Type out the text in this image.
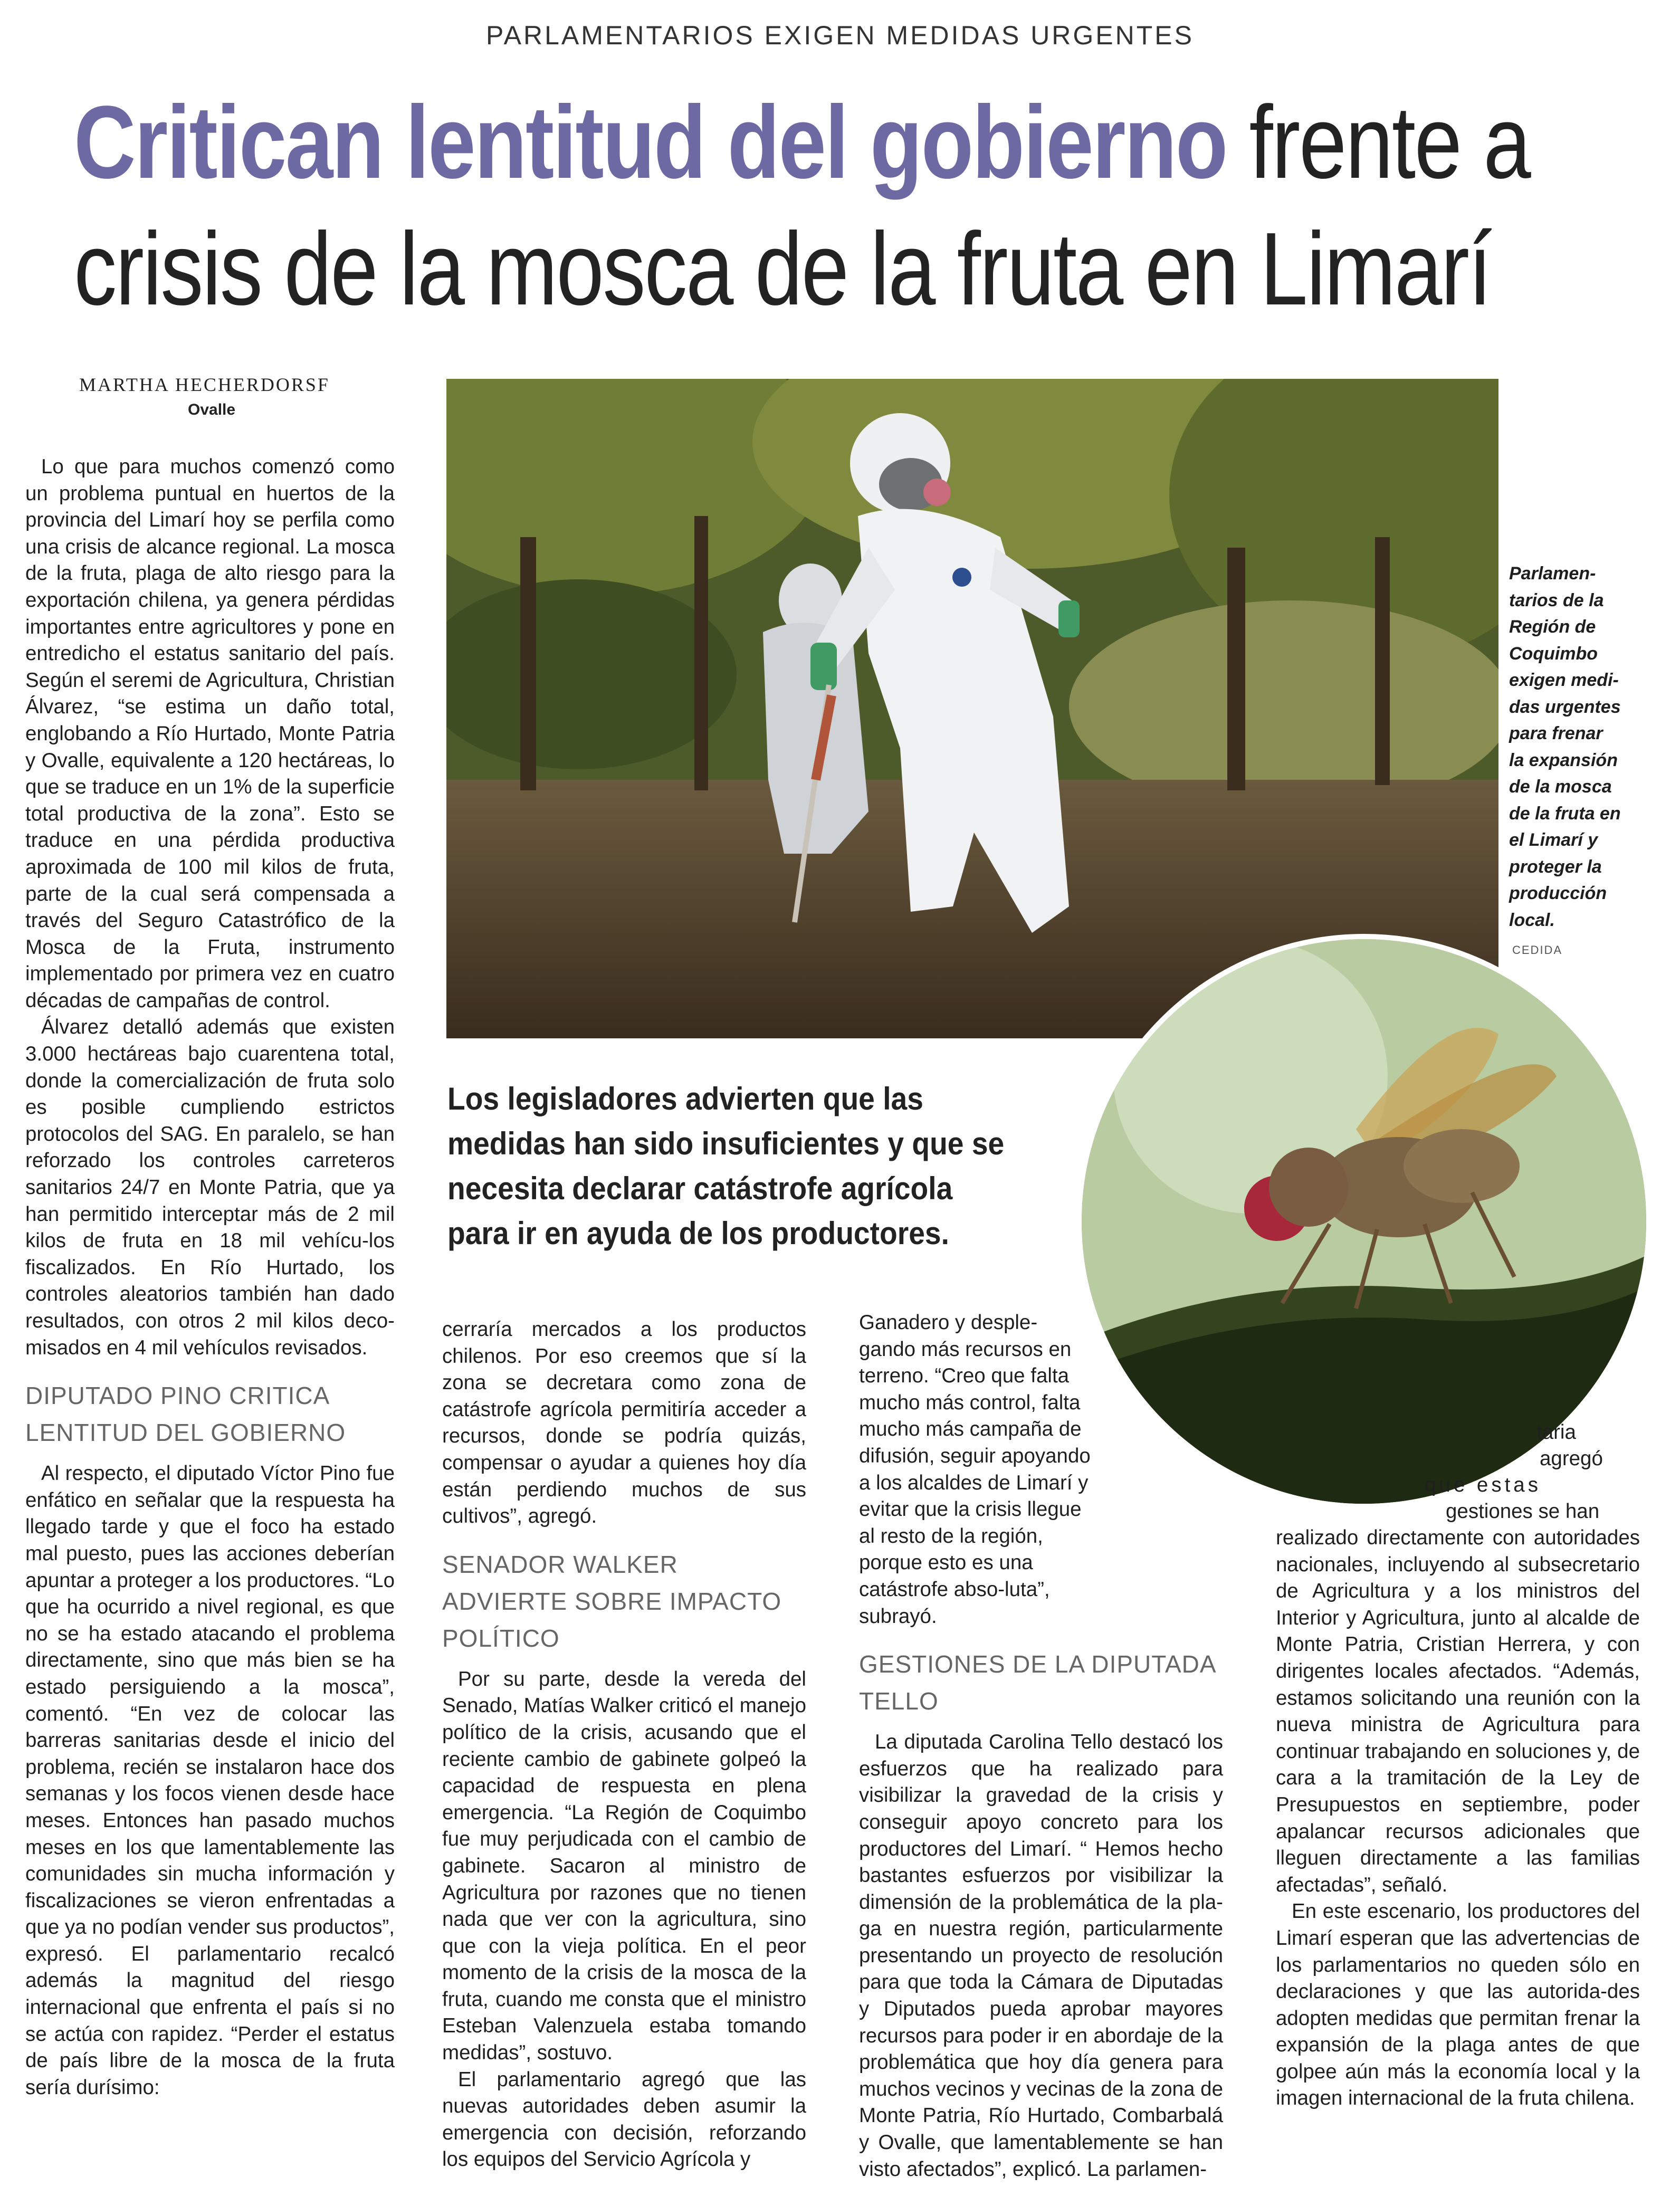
PARLAMENTARIOS EXIGEN MEDIDAS URGENTES
Critican lentitud del gobierno frente a
crisis de la mosca de la fruta en Limarí
MARTHA HECHERDORSF
Ovalle
Parlamen-tarios de la Región de Coquimbo exigen medi-das urgentes para frenar la expansión de la mosca de la fruta en el Limarí y proteger la producción local.
CEDIDA
Los legisladores advierten que las medidas han sido insuficientes y que se necesita declarar catástrofe agrícola para ir en ayuda de los productores.

Lo que para muchos comenzó como un problema puntual en huertos de la provincia del Limarí hoy se perfila como una crisis de alcance regional. La mosca de la fruta, plaga de alto riesgo para la exportación chilena, ya genera pérdidas importantes entre agricultores y pone en entredicho el estatus sanitario del país. Según el seremi de Agricultura, Christian Álvarez, “se estima un daño total, englobando a Río Hurtado, Monte Patria y Ovalle, equivalente a 120 hectáreas, lo que se traduce en un 1% de la superficie total productiva de la zona”. Esto se traduce en una pérdida productiva aproximada de 100 mil kilos de fruta, parte de la cual será compensada a través del Seguro Catastrófico de la Mosca de la Fruta, instrumento implementado por primera vez en cuatro décadas de campañas de control.

Álvarez detalló además que existen 3.000 hectáreas bajo cuarentena total, donde la comercialización de fruta solo es posible cumpliendo estrictos protocolos del SAG. En paralelo, se han reforzado los controles carreteros sanitarios 24/7 en Monte Patria, que ya han permitido interceptar más de 2 mil kilos de fruta en 18 mil vehícu-los fiscalizados. En Río Hurtado, los controles aleatorios también han dado resultados, con otros 2 mil kilos deco-misados en 4 mil vehículos revisados.

DIPUTADO PINO CRITICA LENTITUD DEL GOBIERNO

Al respecto, el diputado Víctor Pino fue enfático en señalar que la respuesta ha llegado tarde y que el foco ha estado mal puesto, pues las acciones deberían apuntar a proteger a los productores. “Lo que ha ocurrido a nivel regional, es que no se ha estado atacando el problema directamente, sino que más bien se ha estado persiguiendo a la mosca”, comentó. “En vez de colocar las barreras sanitarias desde el inicio del problema, recién se instalaron hace dos semanas y los focos vienen desde hace meses. Entonces han pasado muchos meses en los que lamentablemente las comunidades sin mucha información y fiscalizaciones se vieron enfrentadas a que ya no podían vender sus productos”, expresó. El parlamentario recalcó además la magnitud del riesgo internacional que enfrenta el país si no se actúa con rapidez. “Perder el estatus de país libre de la mosca de la fruta sería durísimo:

cerraría mercados a los productos chilenos. Por eso creemos que sí la zona se decretara como zona de catástrofe agrícola permitiría acceder a recursos, donde se podría quizás, compensar o ayudar a quienes hoy día están perdiendo muchos de sus cultivos”, agregó.

SENADOR WALKER ADVIERTE SOBRE IMPACTO POLÍTICO

Por su parte, desde la vereda del Senado, Matías Walker criticó el manejo político de la crisis, acusando que el reciente cambio de gabinete golpeó la capacidad de respuesta en plena emergencia. “La Región de Coquimbo fue muy perjudicada con el cambio de gabinete. Sacaron al ministro de Agricultura por razones que no tienen nada que ver con la agricultura, sino que con la vieja política. En el peor momento de la crisis de la mosca de la fruta, cuando me consta que el ministro Esteban Valenzuela estaba tomando medidas”, sostuvo.

El parlamentario agregó que las nuevas autoridades deben asumir la emergencia con decisión, reforzando los equipos del Servicio Agrícola y

Ganadero y desple-gando más recursos en terreno. “Creo que falta mucho más control, falta mucho más campaña de difusión, seguir apoyando a los alcaldes de Limarí y evitar que la crisis llegue al resto de la región, porque esto es una catástrofe abso-luta”, subrayó.

GESTIONES DE LA DIPUTADA TELLO

La diputada Carolina Tello destacó los esfuerzos que ha realizado para visibilizar la gravedad de la crisis y conseguir apoyo concreto para los productores del Limarí. “ Hemos hecho bastantes esfuerzos por visibilizar la dimensión de la problemática de la pla-ga en nuestra región, particularmente presentando un proyecto de resolución para que toda la Cámara de Diputadas y Diputados pueda aprobar mayores recursos para poder ir en abordaje de la problemática que hoy día genera para muchos vecinos y vecinas de la zona de Monte Patria, Río Hurtado, Combarbalá y Ovalle, que lamentablemente se han visto afectados”, explicó. La parlamen-

taria
agregó
que estas
gestiones se han

realizado directamente con autoridades nacionales, incluyendo al subsecretario de Agricultura y a los ministros del Interior y Agricultura, junto al alcalde de Monte Patria, Cristian Herrera, y con dirigentes locales afectados. “Además, estamos solicitando una reunión con la nueva ministra de Agricultura para continuar trabajando en soluciones y, de cara a la tramitación de la Ley de Presupuestos en septiembre, poder apalancar recursos adicionales que lleguen directamente a las familias afectadas”, señaló.

En este escenario, los productores del Limarí esperan que las advertencias de los parlamentarios no queden sólo en declaraciones y que las autorida-des adopten medidas que permitan frenar la expansión de la plaga antes de que golpee aún más la economía local y la imagen internacional de la fruta chilena.
